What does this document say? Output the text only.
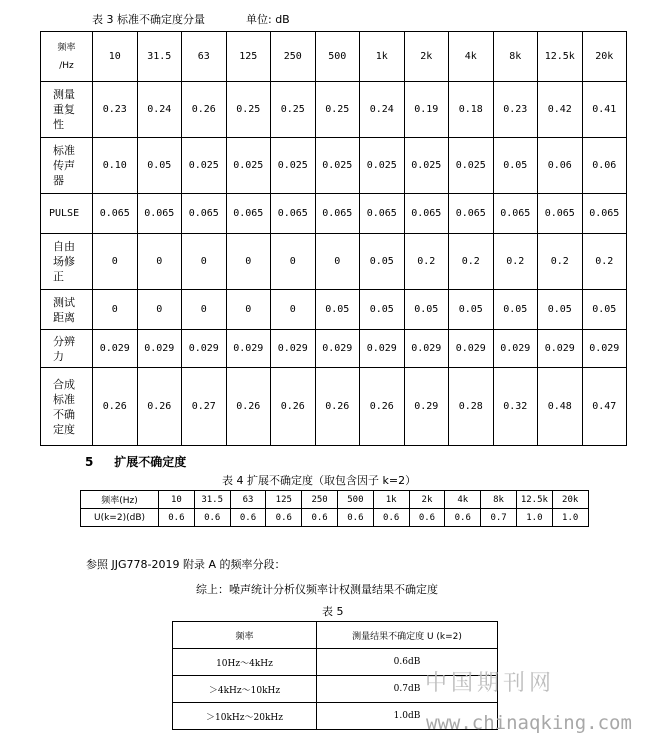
表 3 标准不确定度分量	单位: dB
频率
/Hz	10	31.5	63	125	250	500	1k	2k	4k	8k	12.5k	20k

测量
重复
性	0.23	0.24	0.26	0.25	0.25	0.25	0.24	0.19	0.18	0.23	0.42	0.41

标准
传声
器	0.10	0.05	0.025	0.025	0.025	0.025	0.025	0.025	0.025	0.05	0.06	0.06

PULSE	0.065	0.065	0.065	0.065	0.065	0.065	0.065	0.065	0.065	0.065	0.065	0.065

自由
场修
正	0	0	0	0	0	0	0.05	0.2	0.2	0.2	0.2	0.2

测试
距离	0	0	0	0	0	0.05	0.05	0.05	0.05	0.05	0.05	0.05

分辨
力	0.029	0.029	0.029	0.029	0.029	0.029	0.029	0.029	0.029	0.029	0.029	0.029

合成
标准
不确
定度	0.26	0.26	0.27	0.26	0.26	0.26	0.26	0.29	0.28	0.32	0.48	0.47
5 扩展不确定度
表 4 扩展不确定度（取包含因子 k=2）
频率(Hz)	10	31.5	63	125	250	500	1k	2k	4k	8k	12.5k	20k
U(k=2)(dB)	0.6	0.6	0.6	0.6	0.6	0.6	0.6	0.6	0.6	0.7	1.0	1.0
参照 JJG778-2019 附录 A 的频率分段：
综上：噪声统计分析仪频率计权测量结果不确定度
表 5
频率	测量结果不确定度 U (k=2)
10Hz～4kHz	0.6dB
＞4kHz～10kHz	0.7dB
＞10kHz～20kHz	1.0dB
中国期刊网
www.chinaqking.com
